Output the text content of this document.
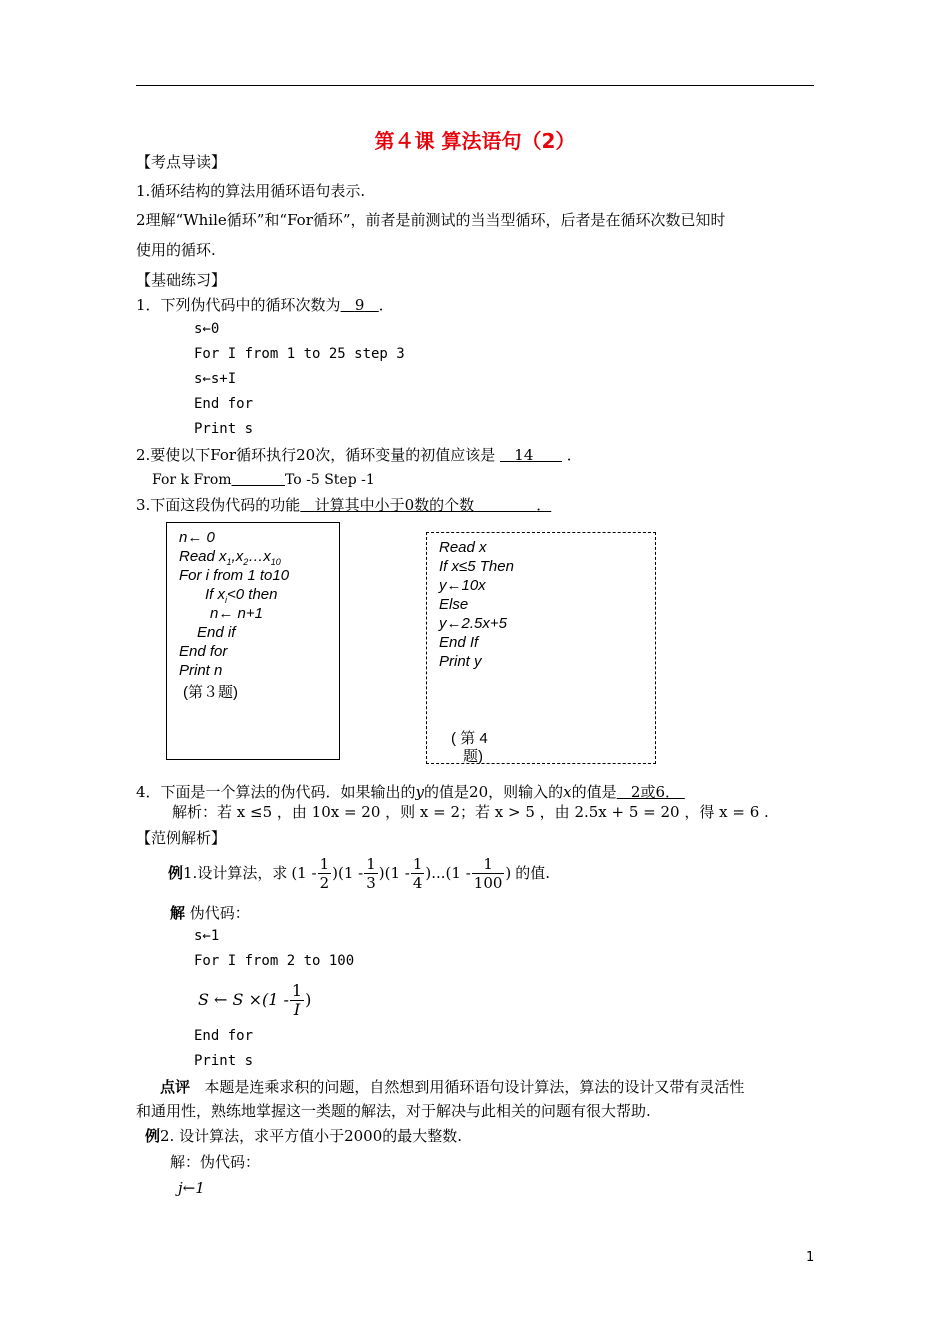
第４课 算法语句（2）
【考点导读】
1.循环结构的算法用循环语句表示.
2理解“While循环”和“For循环”，前者是前测试的当当型循环，后者是在循环次数已知时
使用的循环.
【基础练习】
1．下列伪代码中的循环次数为 9 ．
s←0
For I from 1 to 25 step 3
s←s+I
End for
Print s
2.要使以下For循环执行20次，循环变量的初值应该是 14 ．
For k From	To -5 Step -1
3.下面这段伪代码的功能 计算其中小于0数的个数	．
n← 0
Read $x_1,x_2\dots x_{10}$
For i from 1 to10
If $x_i<0$ then
n← n+1
End if
End for
Print n
(第３题)
Read x
If x≤5 Then
y←10x
Else
y←2.5x+5
End If
Print y
( 第 4
题)
4．下面是一个算法的伪代码．如果输出的y的值是20，则输入的x的值是 2或6．
解析：若 x ≤5 ，由 10x = 20 ，则 x = 2；若 x > 5 ，由 2.5x + 5 = 20 ，得 x = 6 .
【范例解析】
例 1.设计算法，求 $(1 - \frac{1}{2} )(1 - \frac{1}{3} )(1 - \frac{1}{4} )...(1 - \frac{1}{100}$ ) 的值.
解 伪代码：
s←1
For I from 2 to 100
S ← $S \times(1 - \frac{1}{I}$ )
End for
Print s
点评 本题是连乘求积的问题，自然想到用循环语句设计算法，算法的设计又带有灵活性
和通用性，熟练地掌握这一类题的解法，对于解决与此相关的问题有很大帮助.
例2. 设计算法，求平方值小于2000的最大整数.
解：伪代码：
j←1
1
